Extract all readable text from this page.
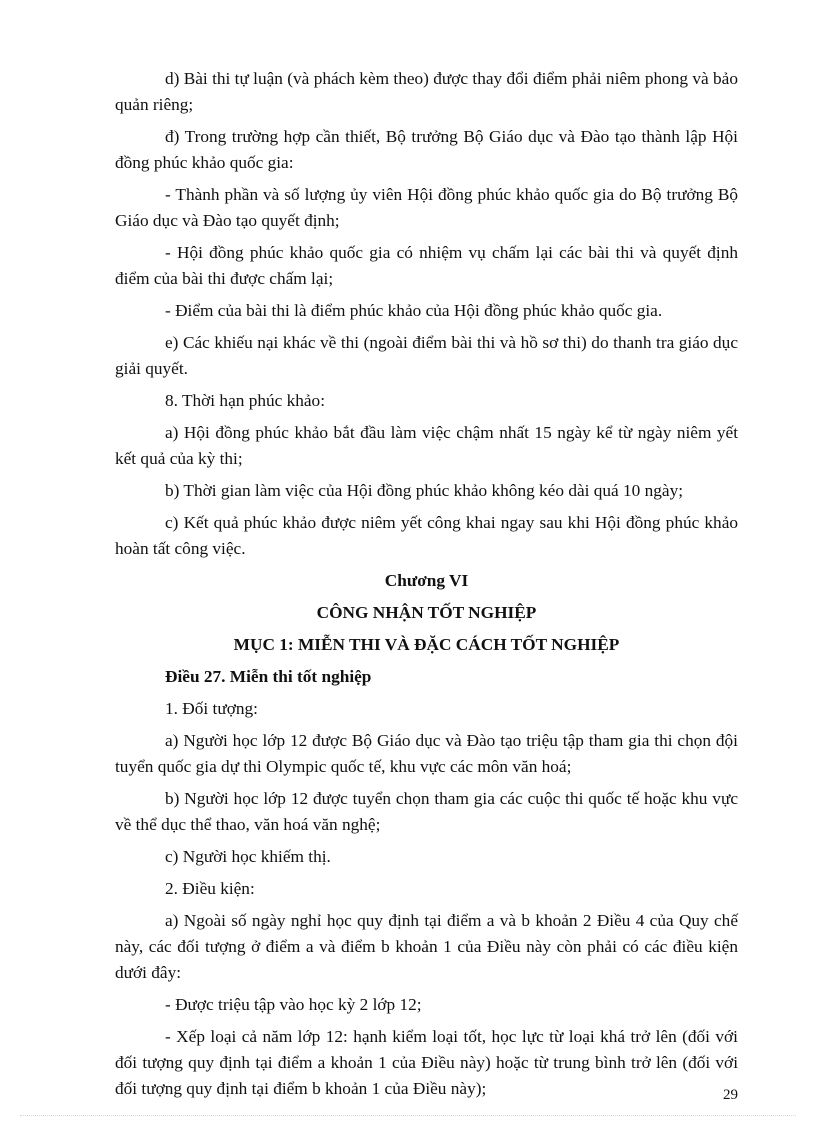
d) Bài thi tự luận (và phách kèm theo) được thay đổi điểm phải niêm phong và bảo quản riêng;

đ) Trong trường hợp cần thiết, Bộ trưởng Bộ Giáo dục và Đào tạo thành lập Hội đồng phúc khảo quốc gia:

- Thành phần và số lượng ủy viên Hội đồng phúc khảo quốc gia do Bộ trưởng Bộ Giáo dục và Đào tạo quyết định;

- Hội đồng phúc khảo quốc gia có nhiệm vụ chấm lại các bài thi và quyết định điểm của bài thi được chấm lại;

- Điểm của bài thi là điểm phúc khảo của Hội đồng phúc khảo quốc gia.

e) Các khiếu nại khác về thi (ngoài điểm bài thi và hồ sơ thi) do thanh tra giáo dục giải quyết.

8. Thời hạn phúc khảo:

a) Hội đồng phúc khảo bắt đầu làm việc chậm nhất 15 ngày kể từ ngày niêm yết kết quả của kỳ thi;

b) Thời gian làm việc của Hội đồng phúc khảo không kéo dài quá 10 ngày;

c) Kết quả phúc khảo được niêm yết công khai ngay sau khi Hội đồng phúc khảo hoàn tất công việc.

Chương VI

CÔNG NHẬN TỐT NGHIỆP

MỤC 1: MIỄN THI VÀ ĐẶC CÁCH TỐT NGHIỆP

Điều 27. Miễn thi tốt nghiệp

1. Đối tượng:

a) Người học lớp 12 được Bộ Giáo dục và Đào tạo triệu tập tham gia thi chọn đội tuyển quốc gia dự thi Olympic quốc tế, khu vực các môn văn hoá;

b) Người học lớp 12 được tuyển chọn tham gia các cuộc thi quốc tế hoặc khu vực về thể dục thể thao, văn hoá văn nghệ;

c) Người học khiếm thị.

2. Điều kiện:

a) Ngoài số ngày nghỉ học quy định tại điểm a và b khoản 2 Điều 4 của Quy chế này, các đối tượng ở điểm a và điểm b khoản 1 của Điều này còn phải có các điều kiện dưới đây:

- Được triệu tập vào học kỳ 2 lớp 12;

- Xếp loại cả năm lớp 12: hạnh kiểm loại tốt, học lực từ loại khá trở lên (đối với đối tượng quy định tại điểm a khoản 1 của Điều này) hoặc từ trung bình trở lên (đối với đối tượng quy định tại điểm b khoản 1 của Điều này);	29
